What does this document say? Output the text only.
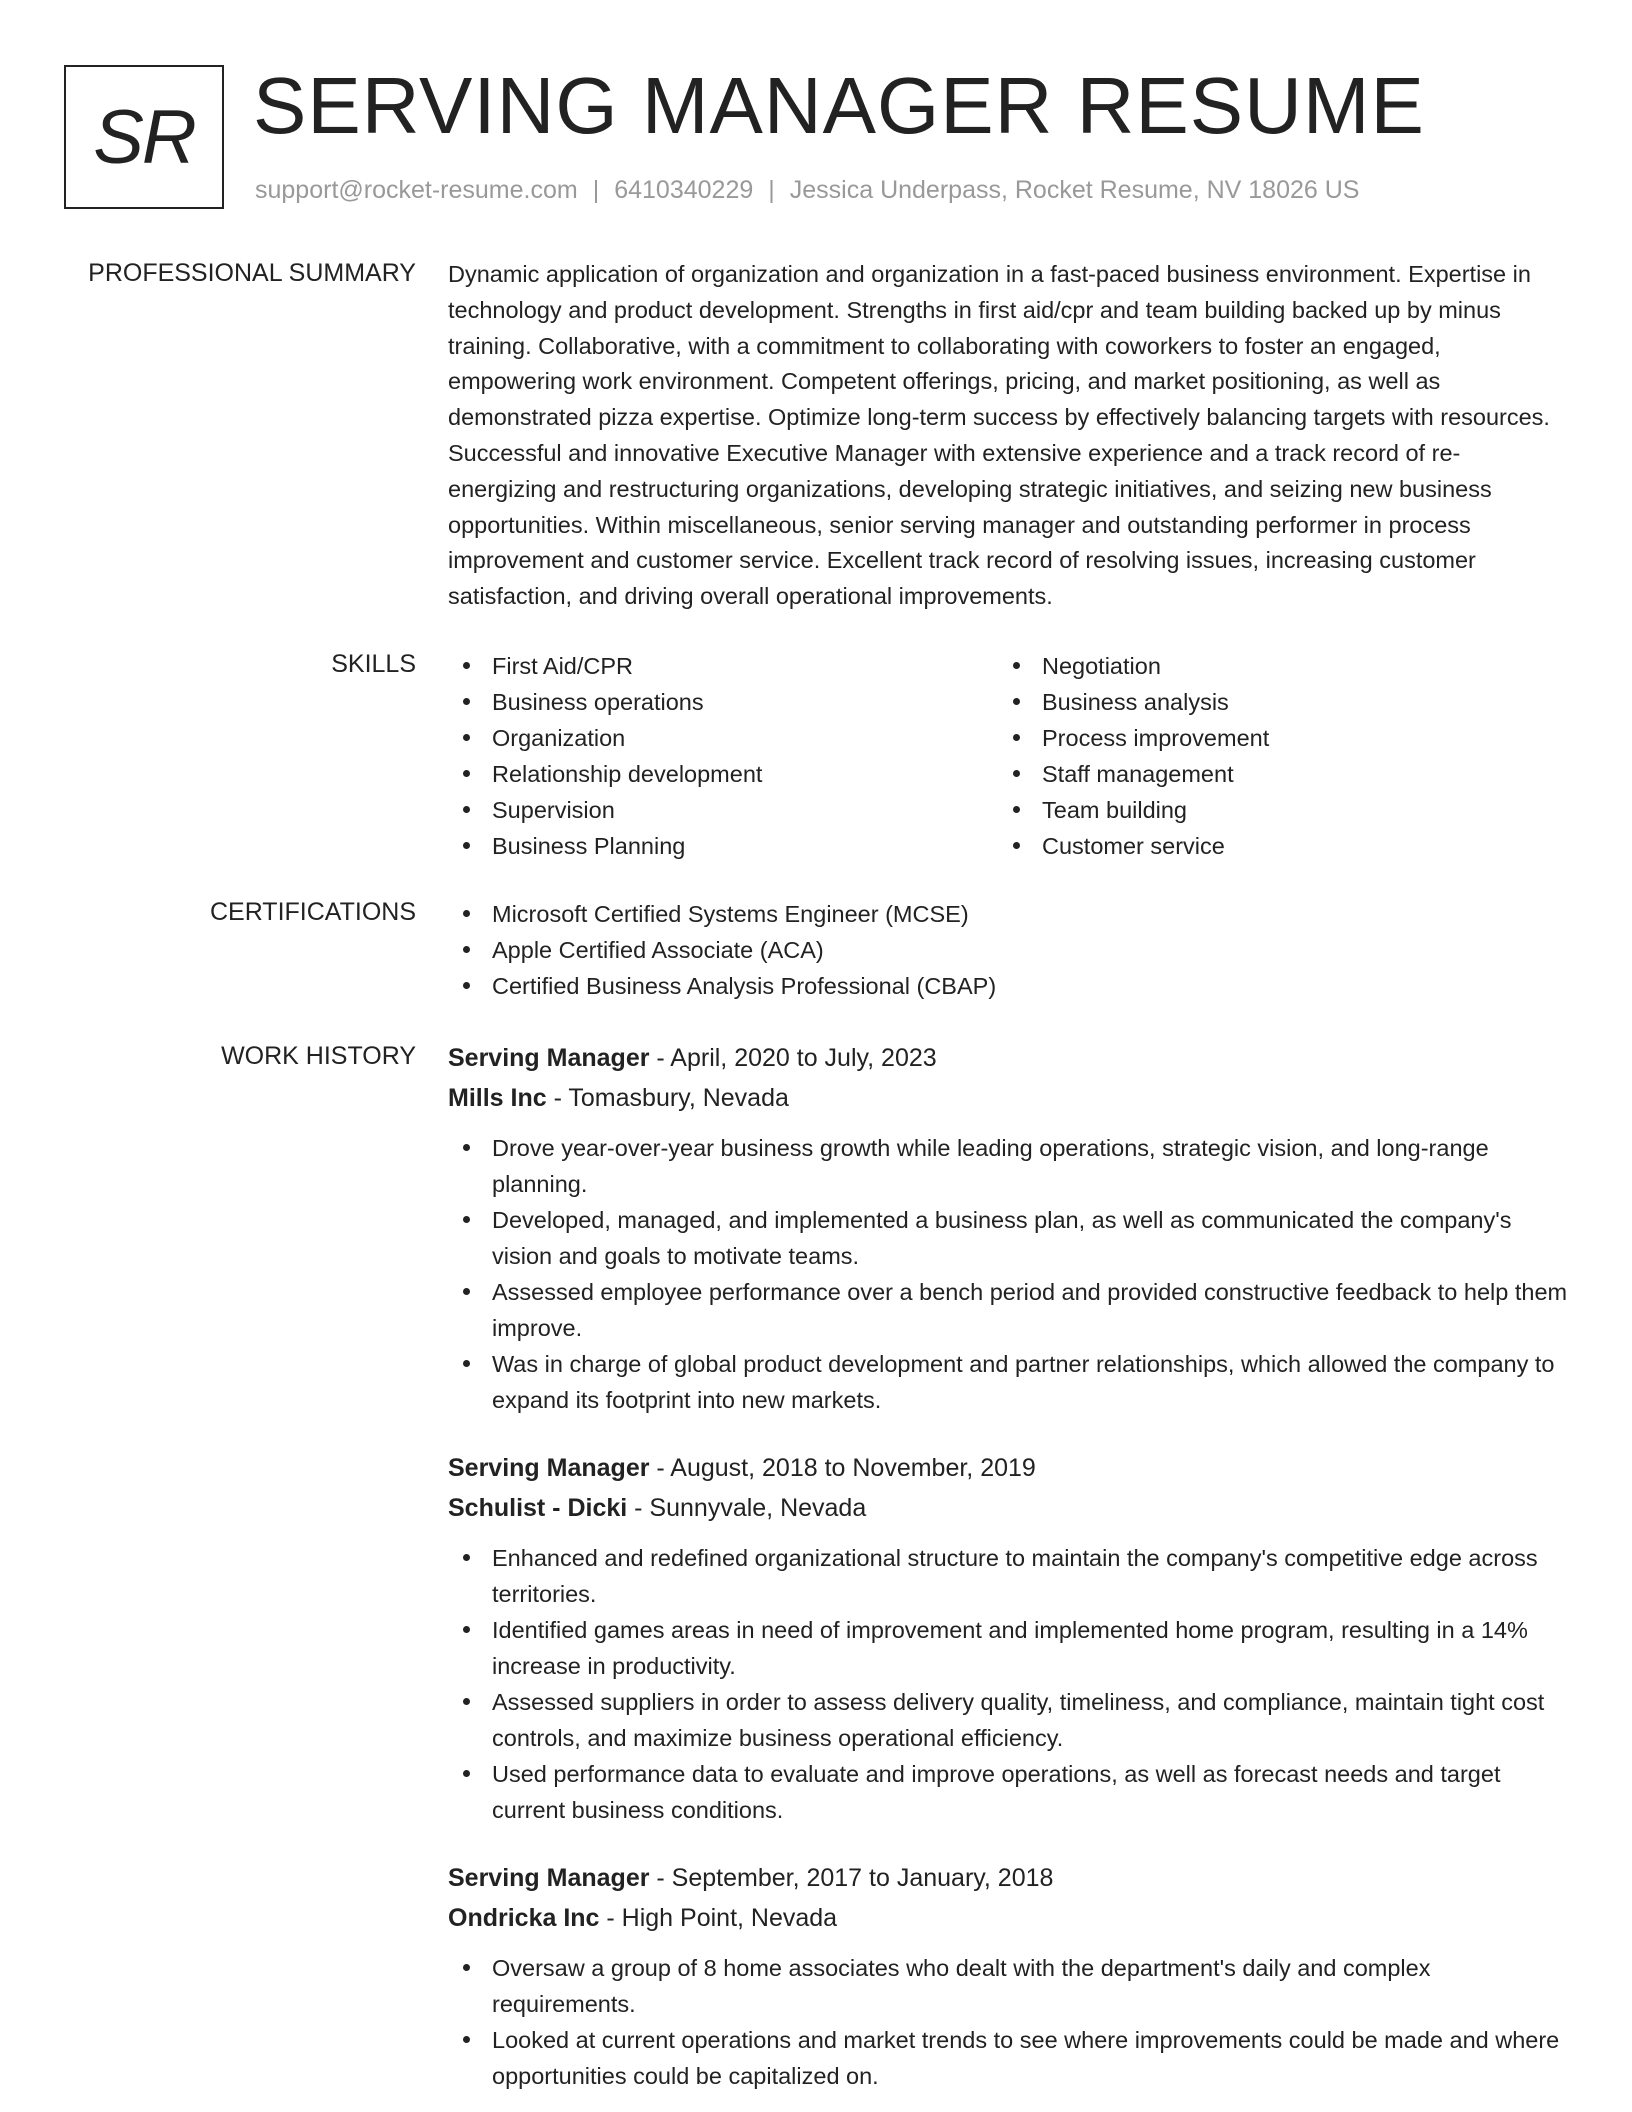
SR SERVING MANAGER RESUME
support@rocket-resume.com | 6410340229 | Jessica Underpass, Rocket Resume, NV 18026 US
PROFESSIONAL SUMMARY Dynamic application of organization and organization in a fast-paced business environment. Expertise in technology and product development. Strengths in first aid/cpr and team building backed up by minus training. Collaborative, with a commitment to collaborating with coworkers to foster an engaged, empowering work environment. Competent offerings, pricing, and market positioning, as well as demonstrated pizza expertise. Optimize long-term success by effectively balancing targets with resources. Successful and innovative Executive Manager with extensive experience and a track record of re-energizing and restructuring organizations, developing strategic initiatives, and seizing new business opportunities. Within miscellaneous, senior serving manager and outstanding performer in process improvement and customer service. Excellent track record of resolving issues, increasing customer satisfaction, and driving overall operational improvements.
SKILLS	First Aid/CPR
Business operations
Organization
Relationship development
Supervision
Business Planning
Negotiation
Business analysis
Process improvement
Staff management
Team building
Customer service
CERTIFICATIONS	Microsoft Certified Systems Engineer (MCSE)
Apple Certified Associate (ACA)
Certified Business Analysis Professional (CBAP)
WORK HISTORY Serving Manager - April, 2020 to July, 2023
Mills Inc - Tomasbury, Nevada
Drove year-over-year business growth while leading operations, strategic vision, and long-range planning.
Developed, managed, and implemented a business plan, as well as communicated the company's vision and goals to motivate teams.
Assessed employee performance over a bench period and provided constructive feedback to help them improve.
Was in charge of global product development and partner relationships, which allowed the company to expand its footprint into new markets.
Serving Manager - August, 2018 to November, 2019
Schulist - Dicki - Sunnyvale, Nevada
Enhanced and redefined organizational structure to maintain the company's competitive edge across territories.
Identified games areas in need of improvement and implemented home program, resulting in a 14% increase in productivity.
Assessed suppliers in order to assess delivery quality, timeliness, and compliance, maintain tight cost controls, and maximize business operational efficiency.
Used performance data to evaluate and improve operations, as well as forecast needs and target current business conditions.
Serving Manager - September, 2017 to January, 2018
Ondricka Inc - High Point, Nevada
Oversaw a group of 8 home associates who dealt with the department's daily and complex requirements.
Looked at current operations and market trends to see where improvements could be made and where opportunities could be capitalized on.
